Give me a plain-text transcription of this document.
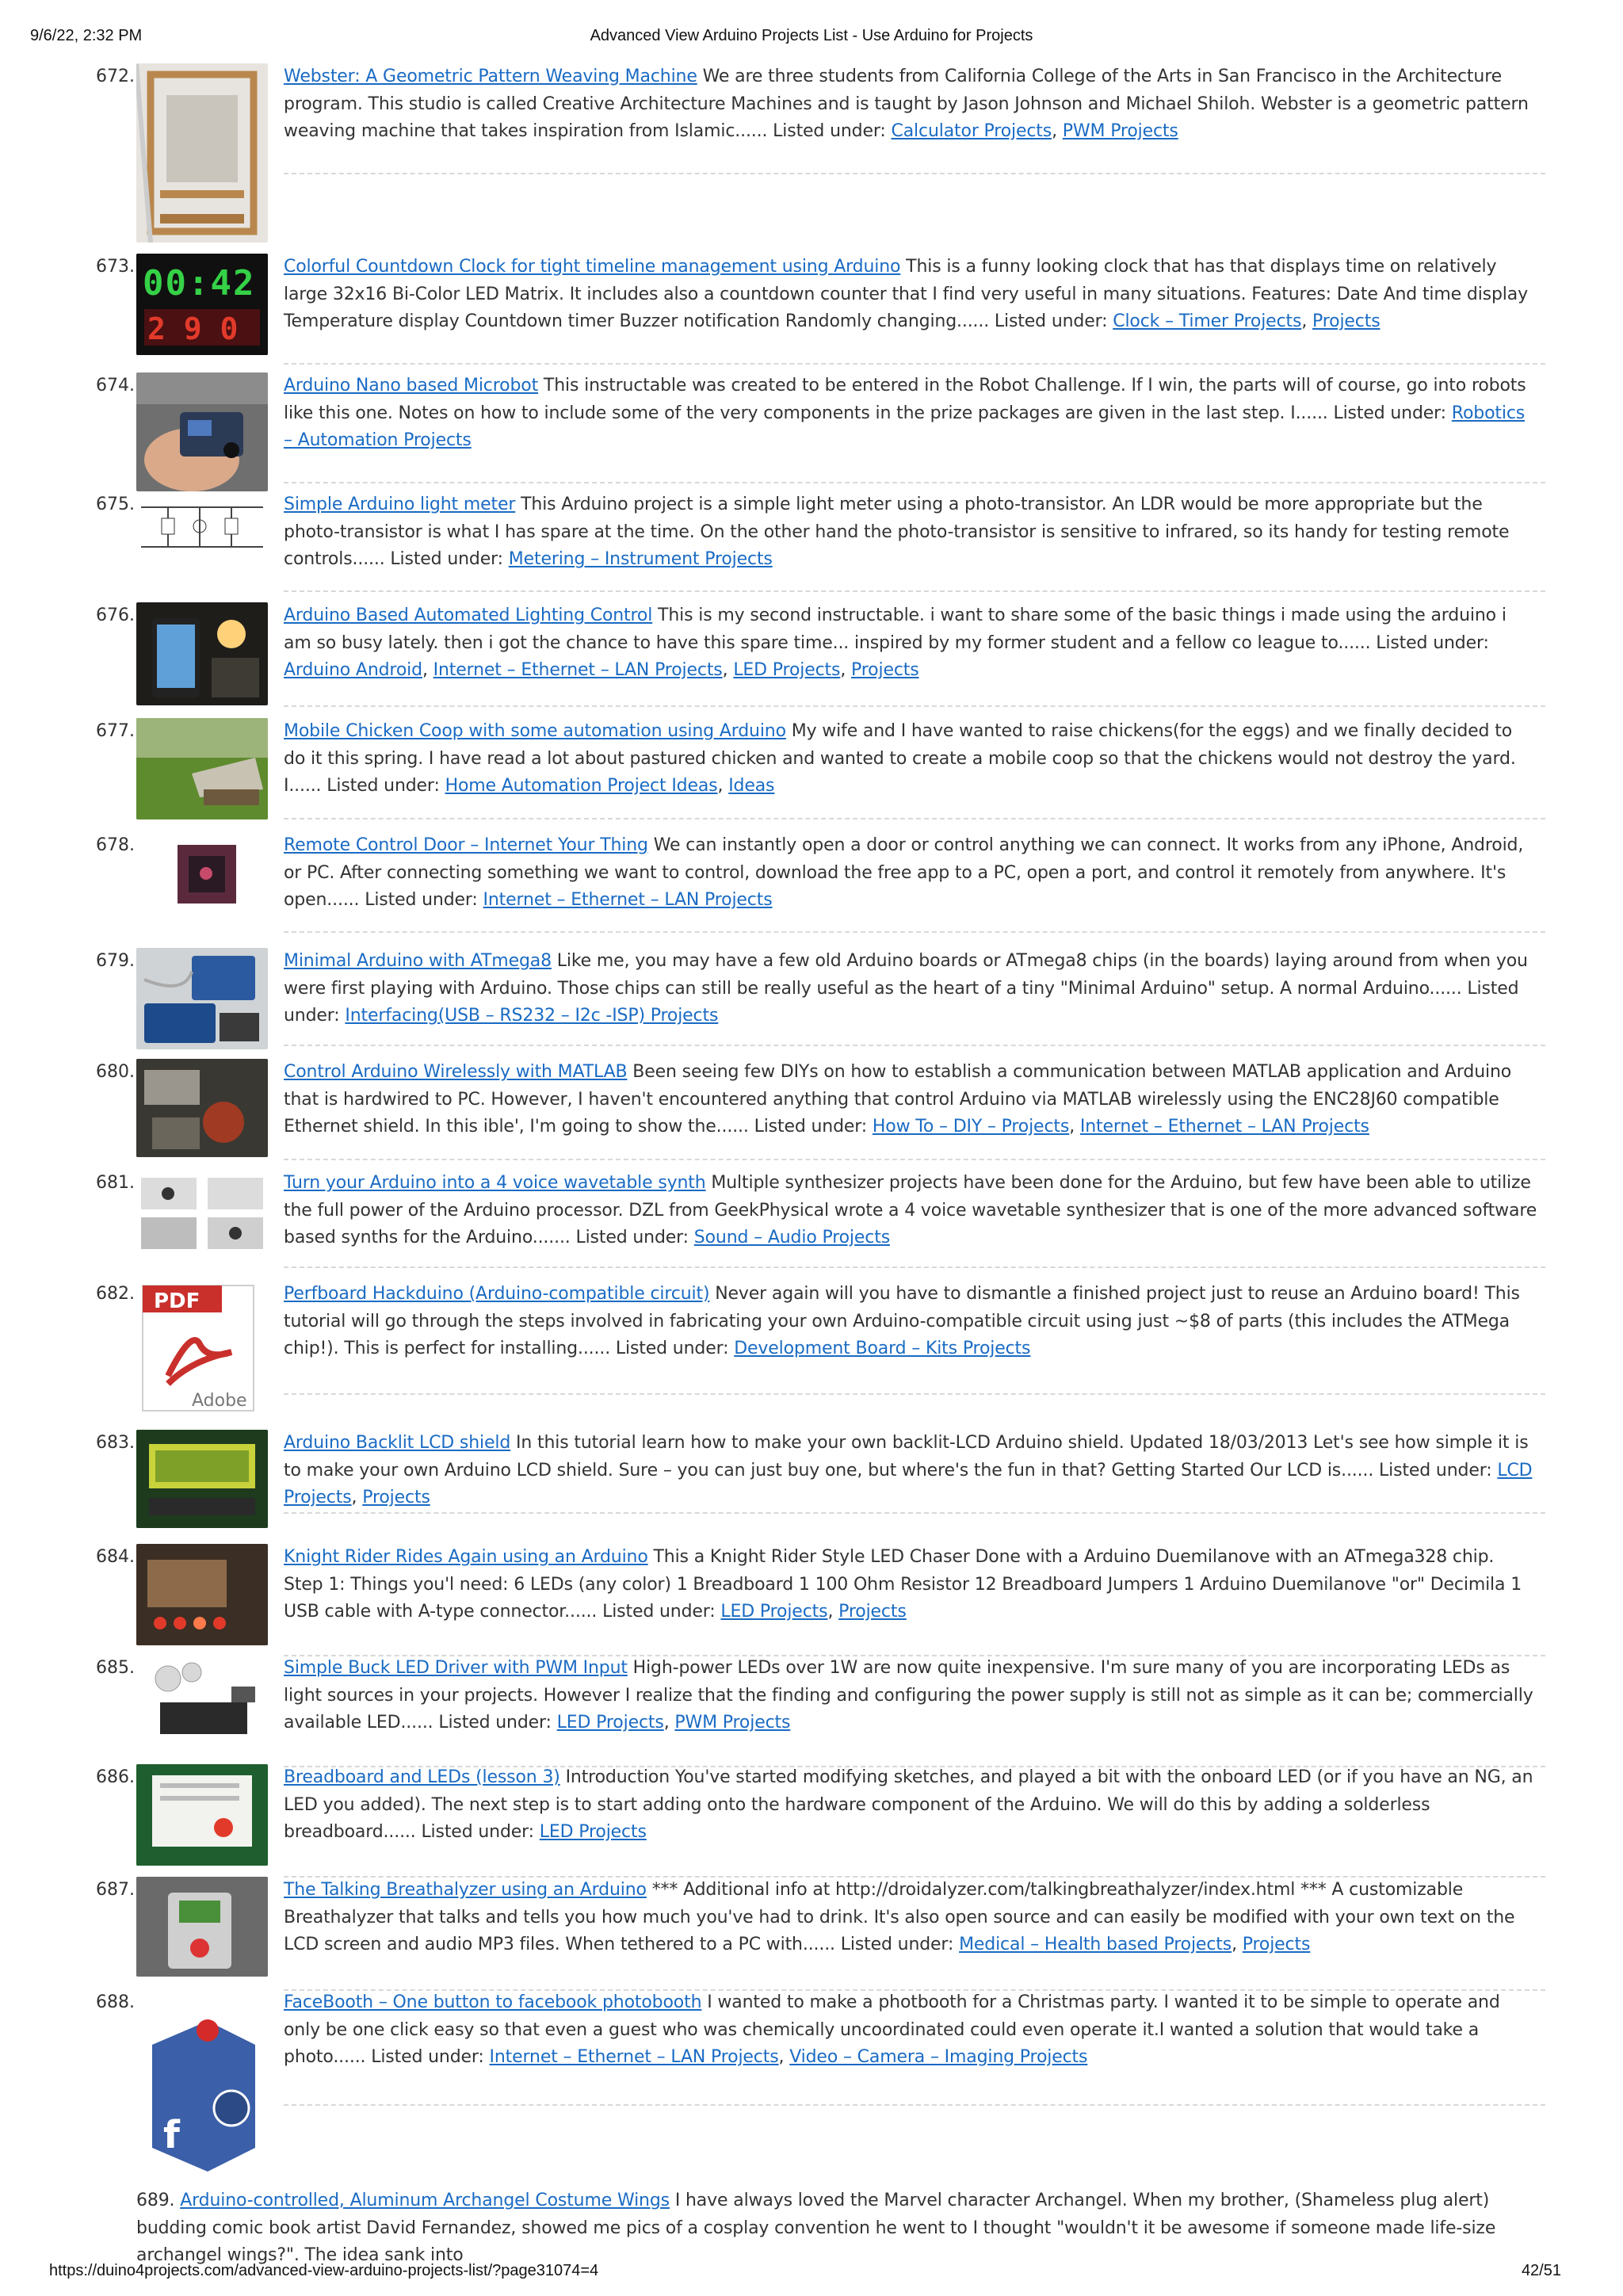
9/6/22, 2:32 PM	Advanced View Arduino Projects List - Use Arduino for Projects
672.	Webster: A Geometric Pattern Weaving Machine We are three students from California College of the Arts in San Francisco in the Architecture program. This studio is called Creative Architecture Machines and is taught by Jason Johnson and Michael Shiloh. Webster is a geometric pattern weaving machine that takes inspiration from Islamic...... Listed under: Calculator Projects, PWM Projects
673. 00:42
2 9 0
Colorful Countdown Clock for tight timeline management using Arduino This is a funny looking clock that has that displays time on relatively large 32x16 Bi-Color LED Matrix. It includes also a countdown counter that I find very useful in many situations. Features: Date And time display Temperature display Countdown timer Buzzer notification Randomly changing...... Listed under: Clock – Timer Projects, Projects
674.	Arduino Nano based Microbot This instructable was created to be entered in the Robot Challenge. If I win, the parts will of course, go into robots like this one. Notes on how to include some of the very components in the prize packages are given in the last step. I...... Listed under: Robotics – Automation Projects
675.	Simple Arduino light meter This Arduino project is a simple light meter using a photo-transistor. An LDR would be more appropriate but the photo-transistor is what I has spare at the time. On the other hand the photo-transistor is sensitive to infrared, so its handy for testing remote controls...... Listed under: Metering – Instrument Projects
676.	Arduino Based Automated Lighting Control This is my second instructable. i want to share some of the basic things i made using the arduino i am so busy lately. then i got the chance to have this spare time... inspired by my former student and a fellow co league to...... Listed under: Arduino Android, Internet – Ethernet – LAN Projects, LED Projects, Projects
677.	Mobile Chicken Coop with some automation using Arduino My wife and I have wanted to raise chickens(for the eggs) and we finally decided to do it this spring. I have read a lot about pastured chicken and wanted to create a mobile coop so that the chickens would not destroy the yard. I...... Listed under: Home Automation Project Ideas, Ideas
678.	Remote Control Door – Internet Your Thing We can instantly open a door or control anything we can connect. It works from any iPhone, Android, or PC. After connecting something we want to control, download the free app to a PC, open a port, and control it remotely from anywhere. It's open...... Listed under: Internet – Ethernet – LAN Projects
679.	Minimal Arduino with ATmega8 Like me, you may have a few old Arduino boards or ATmega8 chips (in the boards) laying around from when you were first playing with Arduino. Those chips can still be really useful as the heart of a tiny "Minimal Arduino" setup. A normal Arduino...... Listed under: Interfacing(USB – RS232 – I2c -ISP) Projects
680.	Control Arduino Wirelessly with MATLAB Been seeing few DIYs on how to establish a communication between MATLAB application and Arduino that is hardwired to PC. However, I haven't encountered anything that control Arduino via MATLAB wirelessly using the ENC28J60 compatible Ethernet shield. In this ible', I'm going to show the...... Listed under: How To – DIY – Projects, Internet – Ethernet – LAN Projects
681.	Turn your Arduino into a 4 voice wavetable synth Multiple synthesizer projects have been done for the Arduino, but few have been able to utilize the full power of the Arduino processor. DZL from GeekPhysical wrote a 4 voice wavetable synthesizer that is one of the more advanced software based synths for the Arduino....... Listed under: Sound – Audio Projects
682. PDF
Adobe
Perfboard Hackduino (Arduino-compatible circuit) Never again will you have to dismantle a finished project just to reuse an Arduino board! This tutorial will go through the steps involved in fabricating your own Arduino-compatible circuit using just ~$8 of parts (this includes the ATMega chip!). This is perfect for installing...... Listed under: Development Board – Kits Projects
683.	Arduino Backlit LCD shield In this tutorial learn how to make your own backlit-LCD Arduino shield. Updated 18/03/2013 Let's see how simple it is to make your own Arduino LCD shield. Sure – you can just buy one, but where's the fun in that? Getting Started Our LCD is...... Listed under: LCD Projects, Projects
684.	Knight Rider Rides Again using an Arduino This a Knight Rider Style LED Chaser Done with a Arduino Duemilanove with an ATmega328 chip. Step 1: Things you'l need: 6 LEDs (any color) 1 Breadboard 1 100 Ohm Resistor 12 Breadboard Jumpers 1 Arduino Duemilanove "or" Decimila 1 USB cable with A-type connector...... Listed under: LED Projects, Projects
685.	Simple Buck LED Driver with PWM Input High-power LEDs over 1W are now quite inexpensive. I'm sure many of you are incorporating LEDs as light sources in your projects. However I realize that the finding and configuring the power supply is still not as simple as it can be; commercially available LED...... Listed under: LED Projects, PWM Projects
686.	Breadboard and LEDs (lesson 3) Introduction You've started modifying sketches, and played a bit with the onboard LED (or if you have an NG, an LED you added). The next step is to start adding onto the hardware component of the Arduino. We will do this by adding a solderless breadboard...... Listed under: LED Projects
687.	The Talking Breathalyzer using an Arduino *** Additional info at http://droidalyzer.com/talkingbreathalyzer/index.html *** A customizable Breathalyzer that talks and tells you how much you've had to drink. It's also open source and can easily be modified with your own text on the LCD screen and audio MP3 files. When tethered to a PC with...... Listed under: Medical – Health based Projects, Projects
688.
f
FaceBooth – One button to facebook photobooth I wanted to make a photbooth for a Christmas party. I wanted it to be simple to operate and only be one click easy so that even a guest who was chemically uncoordinated could even operate it.I wanted a solution that would take a photo...... Listed under: Internet – Ethernet – LAN Projects, Video – Camera – Imaging Projects
689. Arduino-controlled, Aluminum Archangel Costume Wings I have always loved the Marvel character Archangel. When my brother, (Shameless plug alert) budding comic book artist David Fernandez, showed me pics of a cosplay convention he went to I thought "wouldn't it be awesome if someone made life-size archangel wings?". The idea sank into
https://duino4projects.com/advanced-view-arduino-projects-list/?page31074=4	42/51
